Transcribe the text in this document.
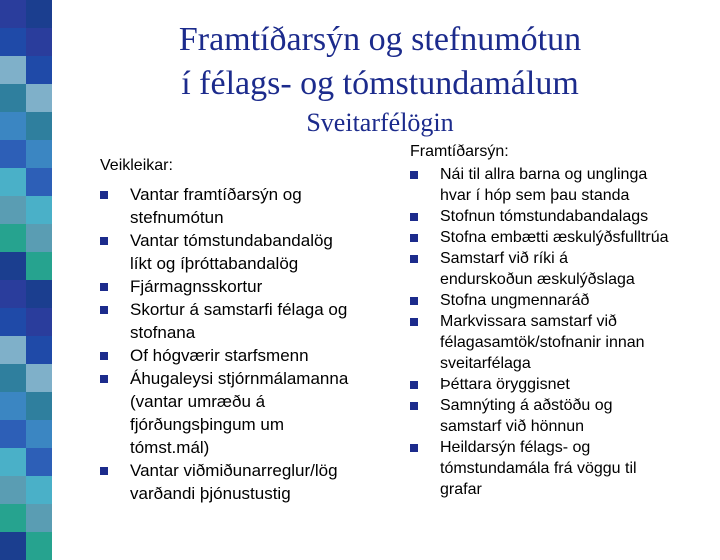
Framtíðarsýn og stefnumótun
í félags- og tómstundamálum
Sveitarfélögin
Veikleikar:
Vantar framtíðarsýn og
stefnumótun
Vantar tómstundabandalög
líkt og íþróttabandalög
Fjármagnsskortur
Skortur á samstarfi félaga og
stofnana
Of hógværir starfsmenn
Áhugaleysi stjórnmálamanna
(vantar umræðu á
fjórðungsþingum um
tómst.mál)
Vantar viðmiðunarreglur/lög
varðandi þjónustustig
Framtíðarsýn:
Nái til allra barna og unglinga
hvar í hóp sem þau standa
Stofnun tómstundabandalags
Stofna embætti æskulýðsfulltrúa
Samstarf við ríki á
endurskoðun æskulýðslaga
Stofna ungmennaráð
Markvissara samstarf við
félagasamtök/stofnanir innan
sveitarfélaga
Þéttara öryggisnet
Samnýting á aðstöðu og
samstarf við hönnun
Heildarsýn félags- og
tómstundamála frá vöggu til
grafar
